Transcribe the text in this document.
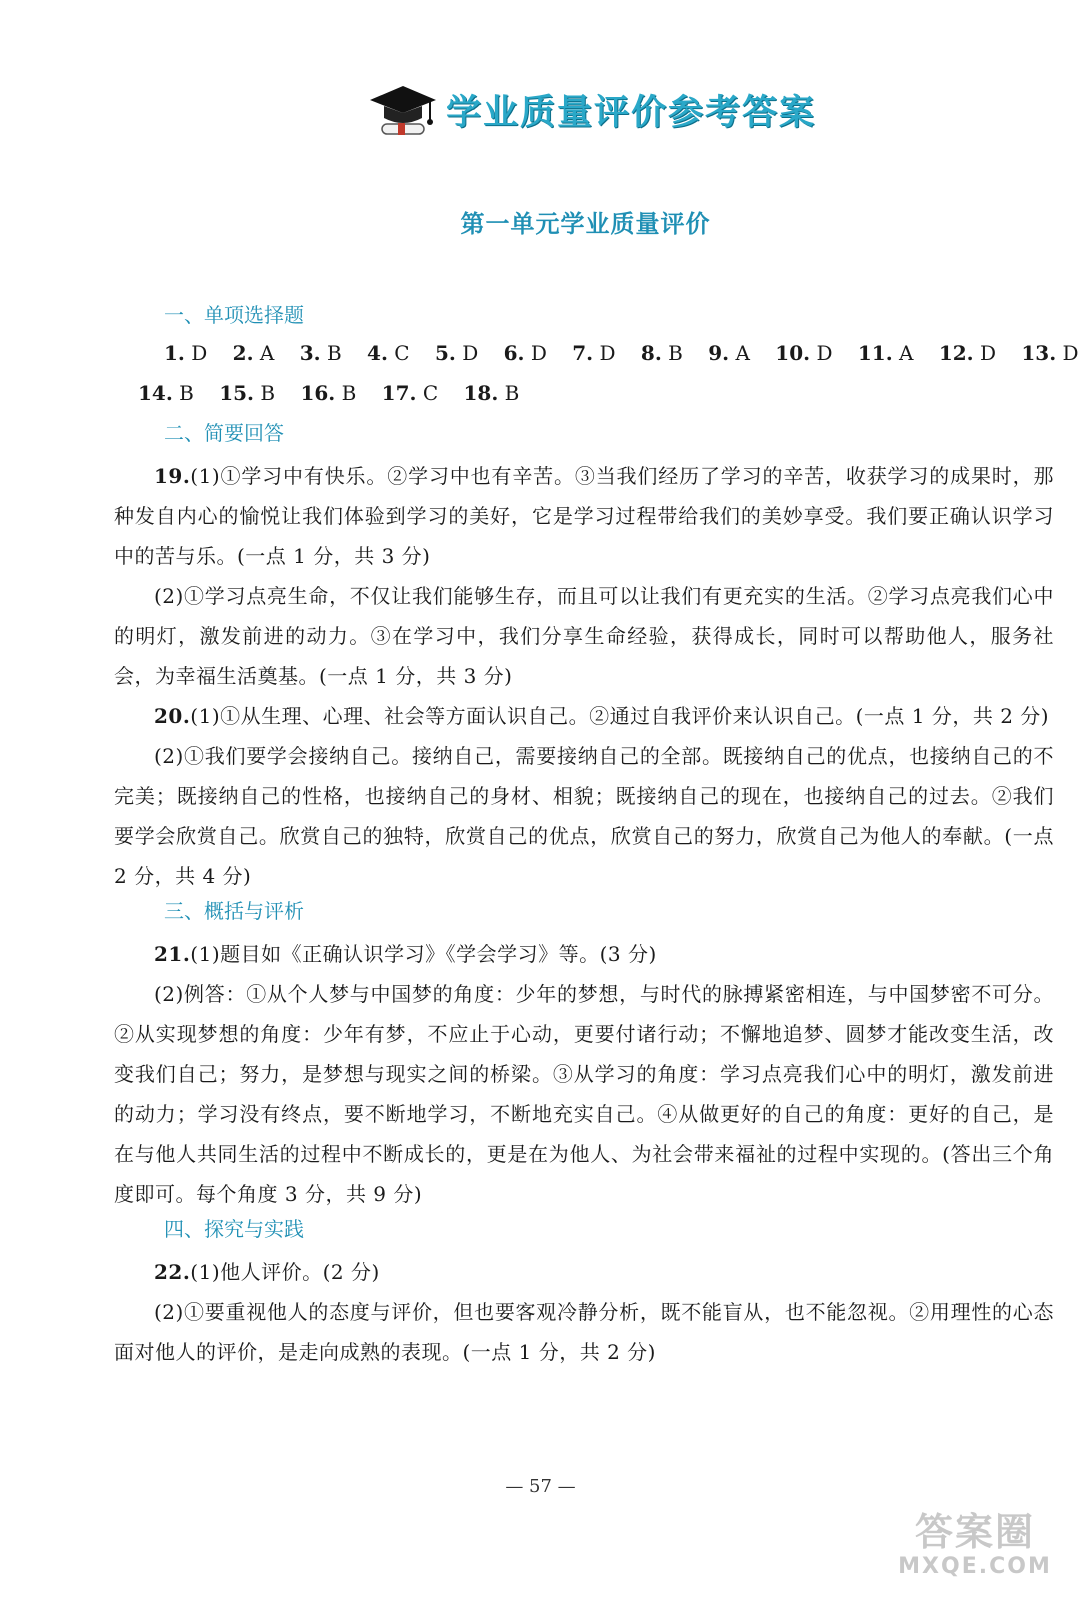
学业质量评价参考答案
第一单元学业质量评价
一、单项选择题
1. D 2. A 3. B 4. C 5. D 6. D 7. D 8. B 9. A 10. D 11. A 12. D 13. D
14. B 15. B 16. B 17. C 18. B
二、简要回答

19.(1)①学习中有快乐。②学习中也有辛苦。③当我们经历了学习的辛苦，收获学习的成果时，那种发自内心的愉悦让我们体验到学习的美好，它是学习过程带给我们的美妙享受。我们要正确认识学习中的苦与乐。(一点 1 分，共 3 分)

(2)①学习点亮生命，不仅让我们能够生存，而且可以让我们有更充实的生活。②学习点亮我们心中的明灯，激发前进的动力。③在学习中，我们分享生命经验，获得成长，同时可以帮助他人，服务社会，为幸福生活奠基。(一点 1 分，共 3 分)

20.(1)①从生理、心理、社会等方面认识自己。②通过自我评价来认识自己。(一点 1 分，共 2 分)

(2)①我们要学会接纳自己。接纳自己，需要接纳自己的全部。既接纳自己的优点，也接纳自己的不完美；既接纳自己的性格，也接纳自己的身材、相貌；既接纳自己的现在，也接纳自己的过去。②我们要学会欣赏自己。欣赏自己的独特，欣赏自己的优点，欣赏自己的努力，欣赏自己为他人的奉献。(一点 2 分，共 4 分)

三、概括与评析

21.(1)题目如《正确认识学习》《学会学习》等。(3 分)

(2)例答：①从个人梦与中国梦的角度：少年的梦想，与时代的脉搏紧密相连，与中国梦密不可分。②从实现梦想的角度：少年有梦，不应止于心动，更要付诸行动；不懈地追梦、圆梦才能改变生活，改变我们自己；努力，是梦想与现实之间的桥梁。③从学习的角度：学习点亮我们心中的明灯，激发前进的动力；学习没有终点，要不断地学习，不断地充实自己。④从做更好的自己的角度：更好的自己，是在与他人共同生活的过程中不断成长的，更是在为他人、为社会带来福祉的过程中实现的。(答出三个角度即可。每个角度 3 分，共 9 分)

四、探究与实践

22.(1)他人评价。(2 分)

(2)①要重视他人的态度与评价，但也要客观冷静分析，既不能盲从，也不能忽视。②用理性的心态面对他人的评价，是走向成熟的表现。(一点 1 分，共 2 分)

— 57 —
答案圈
MXQE.COM
